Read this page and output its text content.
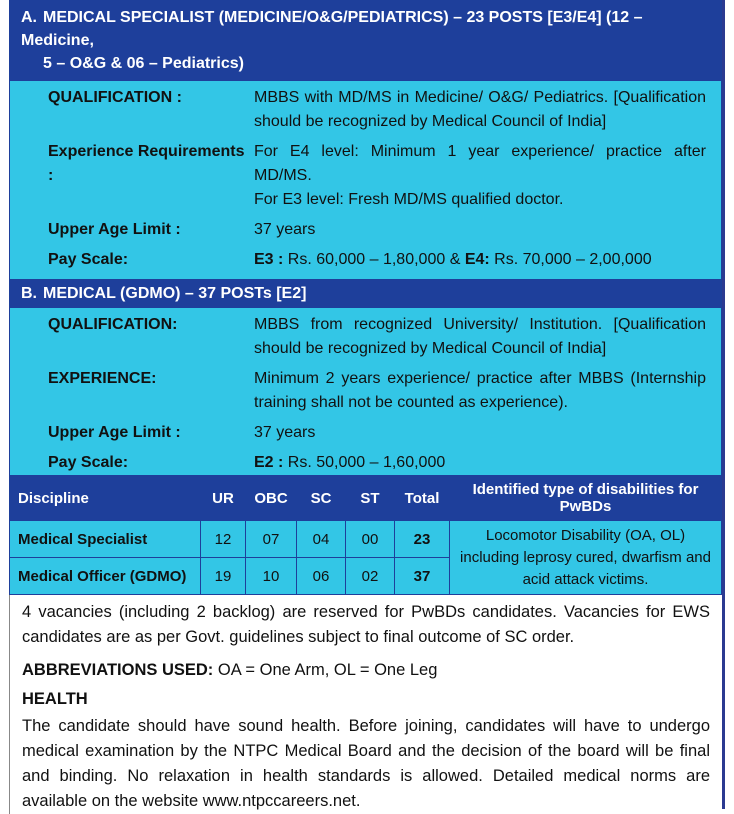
A. MEDICAL SPECIALIST (MEDICINE/O&G/PEDIATRICS) – 23 POSTS [E3/E4] (12 – Medicine,
5 – O&G & 06 – Pediatrics)
QUALIFICATION :	MBBS with MD/MS in Medicine/ O&G/ Pediatrics. [Qualification should be recognized by Medical Council of India]
Experience Requirements :
For E4 level: Minimum 1 year experience/ practice after MD/MS.
For E3 level: Fresh MD/MS qualified doctor.
Upper Age Limit :	37 years
Pay Scale:	E3 : Rs. 60,000 – 1,80,000 & E4: Rs. 70,000 – 2,00,000
B. MEDICAL (GDMO) – 37 POSTs [E2]
QUALIFICATION:	MBBS from recognized University/ Institution. [Qualification should be recognized by Medical Council of India]
EXPERIENCE:	Minimum 2 years experience/ practice after MBBS (Internship training shall not be counted as experience).
Upper Age Limit :	37 years
Pay Scale:	E2 : Rs. 50,000 – 1,60,000
Discipline	UR	OBC	SC	ST	Total	Identified type of disabilities for PwBDs
Medical Specialist	12	07	04	00	23	Locomotor Disability (OA, OL) including leprosy cured, dwarfism and acid attack victims.
Medical Officer (GDMO)	19	10	06	02	37	

4 vacancies (including 2 backlog) are reserved for PwBDs candidates. Vacancies for EWS candidates are as per Govt. guidelines subject to final outcome of SC order.

ABBREVIATIONS USED: OA = One Arm, OL = One Leg

HEALTH

The candidate should have sound health. Before joining, candidates will have to undergo medical examination by the NTPC Medical Board and the decision of the board will be final and binding. No relaxation in health standards is allowed. Detailed medical norms are available on the website www.ntpccareers.net.
